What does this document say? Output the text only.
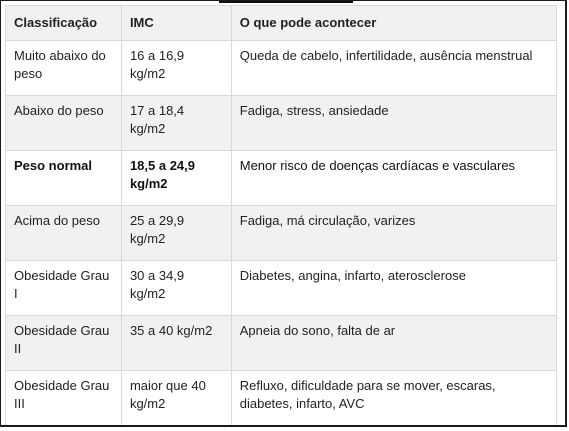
Classificação	IMC	O que pode acontecer
Muito abaixo do peso	16 a 16,9 kg/m2	Queda de cabelo, infertilidade, ausência menstrual
Abaixo do peso	17 a 18,4 kg/m2	Fadiga, stress, ansiedade
Peso normal	18,5 a 24,9 kg/m2	Menor risco de doenças cardíacas e vasculares
Acima do peso	25 a 29,9 kg/m2	Fadiga, má circulação, varizes
Obesidade Grau I	30 a 34,9 kg/m2	Diabetes, angina, infarto, aterosclerose
Obesidade Grau II	35 a 40 kg/m2	Apneia do sono, falta de ar
Obesidade Grau III	maior que 40 kg/m2	Refluxo, dificuldade para se mover, escaras, diabetes, infarto, AVC
